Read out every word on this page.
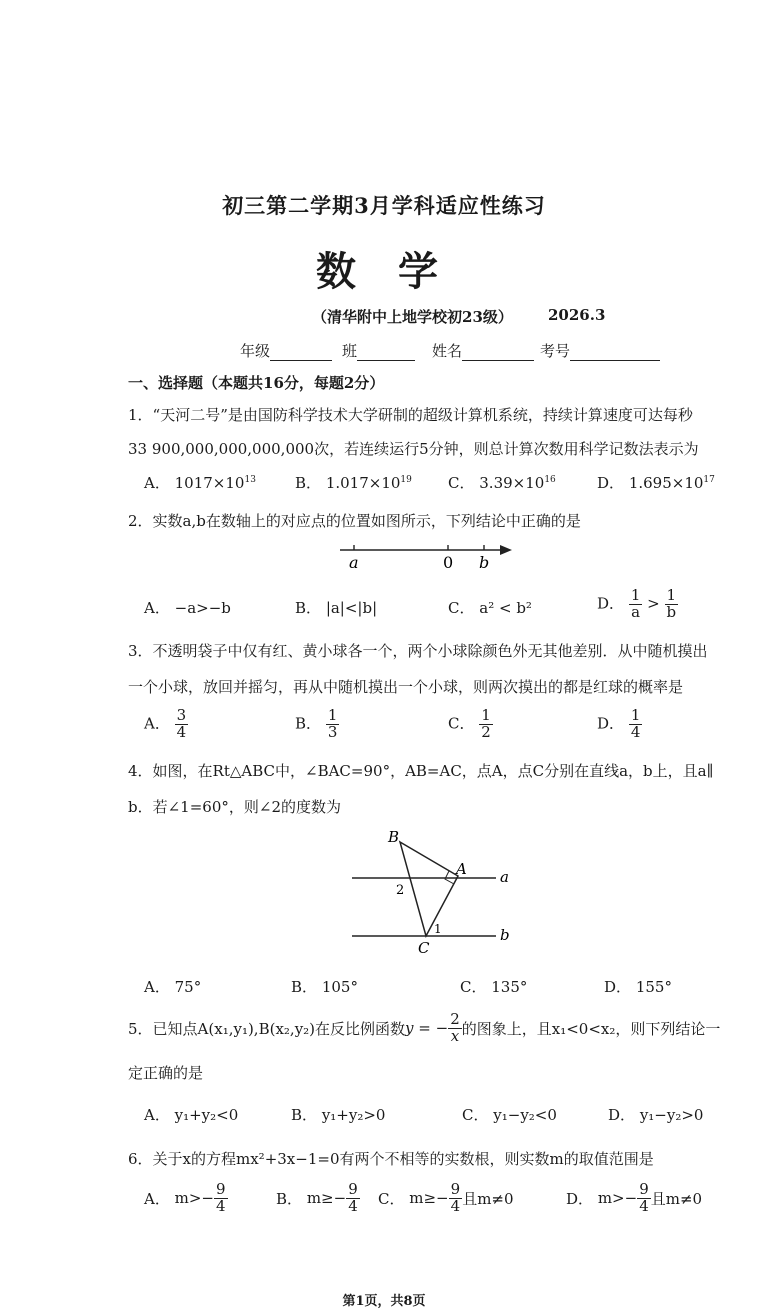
初三第二学期3月学科适应性练习
数 学
（清华附中上地学校初23级） 2026.3
年级	班	姓名	考号
一、选择题（本题共16分，每题2分）
1．“天河二号”是由国防科学技术大学研制的超级计算机系统，持续计算速度可达每秒
33 900,000,000,000,000次，若连续运行5分钟，则总计算次数用科学记数法表示为
A． $1017\times 10^{13}$	B． $1.017\times 10^{19}$ C． $3.39\times 10^{16}$	D． $1.695\times 10^{17}$
2．实数a,b在数轴上的对应点的位置如图所示，下列结论中正确的是
a	0 b
A． −a>−b	B． |a|<|b|	C． a² < b²	D． $\frac{1}{a} > \frac{1}{b}$
3．不透明袋子中仅有红、黄小球各一个，两个小球除颜色外无其他差别．从中随机摸出
一个小球，放回并摇匀，再从中随机摸出一个小球，则两次摸出的都是红球的概率是
A． $\frac{3}{4}$	B． $\frac{1}{3}$	C． $\frac{1}{2}$	D． $\frac{1}{4}$
4．如图，在Rt△ABC中，∠BAC=90°，AB=AC，点A，点C分别在直线a，b上，且a∥
b．若∠1=60°，则∠2的度数为
B
A
C
a
b
1
2
A． 75°	B． 105°	C． 135°	D． 155°
5．已知点A(x₁,y₁),B(x₂,y₂)在反比例函数 y = − $\frac{2}{x}$ 的图象上，且x₁<0<x₂，则下列结论一
定正确的是
A． y₁+y₂<0	B． y₁+y₂>0	C． y₁−y₂<0	D． y₁−y₂>0
6．关于x的方程mx²+3x−1=0有两个不相等的实数根，则实数m的取值范围是
A．
$m>- \frac{9}{4}$	B．
$m\ge- \frac{9}{4}$ C．
$m\ge- \frac{9}{4}$ 且m≠0	D．
$m>- \frac{9}{4}$ 且m≠0
第1页，共8页
